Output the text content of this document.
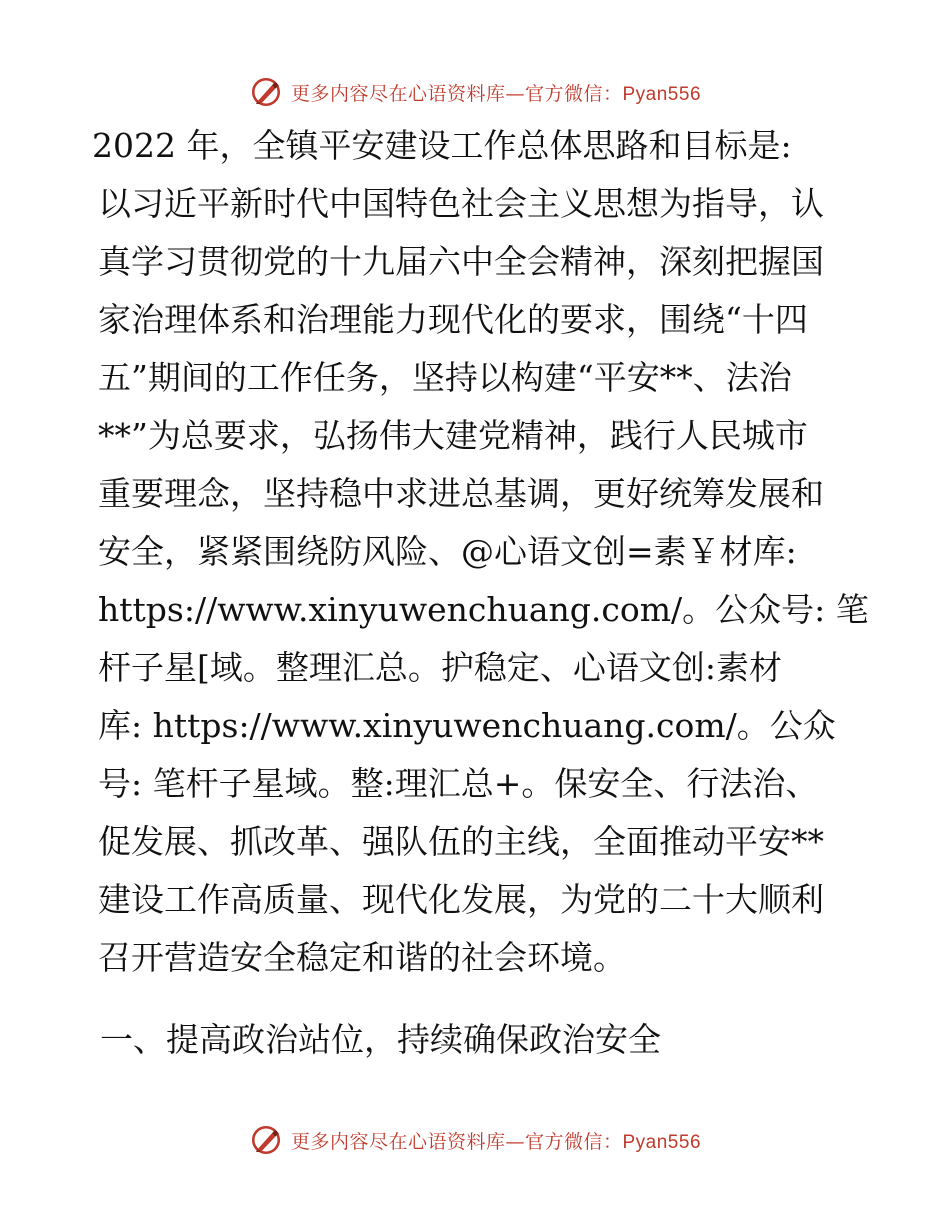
更多内容尽在心语资料库—官方微信：Pyan556
2022 年，全镇平安建设工作总体思路和目标是:
以习近平新时代中国特色社会主义思想为指导，认
真学习贯彻党的十九届六中全会精神，深刻把握国
家治理体系和治理能力现代化的要求，围绕“十四
五”期间的工作任务，坚持以构建“平安**、法治
**”为总要求，弘扬伟大建党精神，践行人民城市
重要理念，坚持稳中求进总基调，更好统筹发展和
安全，紧紧围绕防风险、@心语文创=素￥材库:
https://www.xinyuwenchuang.com/。公众号: 笔
杆子星[域。整理汇总。护稳定、心语文创:素材
库: https://www.xinyuwenchuang.com/。公众
号: 笔杆子星域。整:理汇总+。保安全、行法治、
促发展、抓改革、强队伍的主线，全面推动平安**
建设工作高质量、现代化发展，为党的二十大顺利
召开营造安全稳定和谐的社会环境。
一、提高政治站位，持续确保政治安全
更多内容尽在心语资料库—官方微信：Pyan556
